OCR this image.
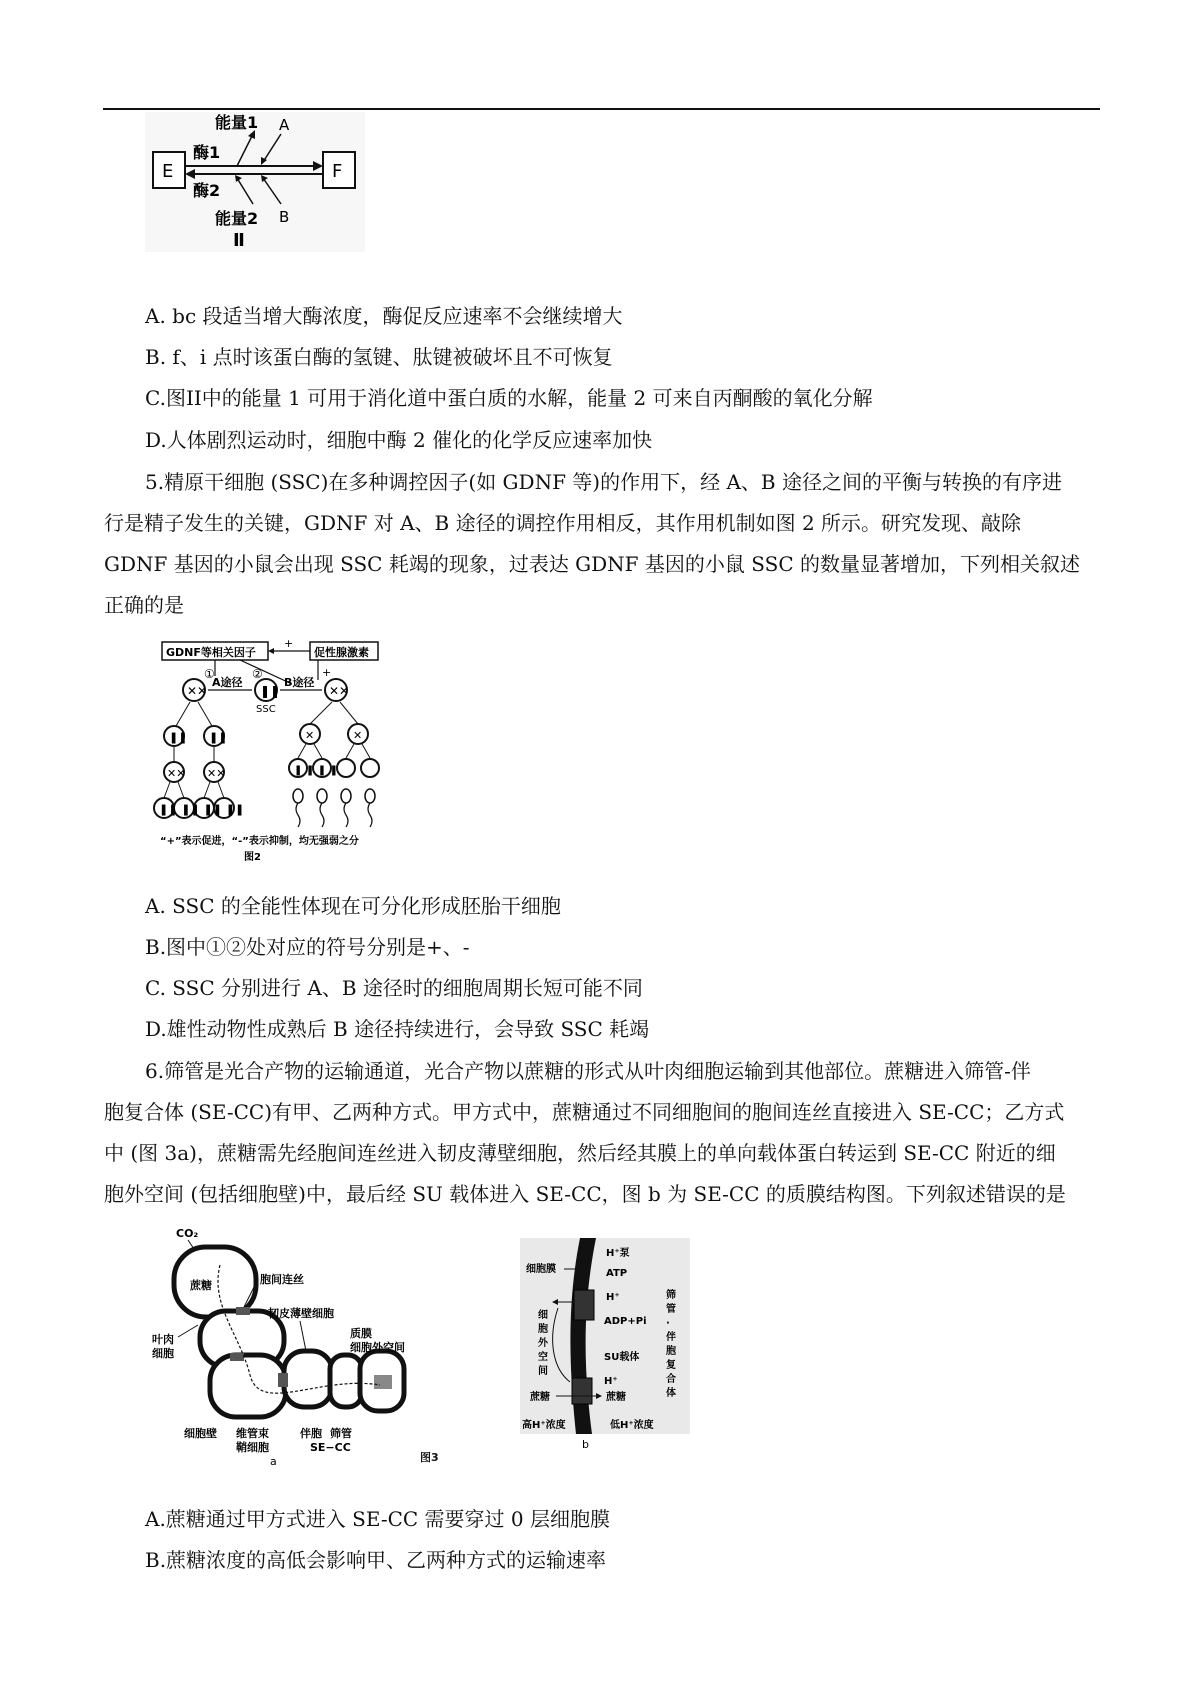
E	F
酶1
酶2
能量1 A
能量2 B
Ⅱ
A. bc 段适当增大酶浓度，酶促反应速率不会继续增大
B. f、i 点时该蛋白酶的氢键、肽键被破坏且不可恢复
C.图II中的能量 1 可用于消化道中蛋白质的水解，能量 2 可来自丙酮酸的氧化分解
D.人体剧烈运动时，细胞中酶 2 催化的化学反应速率加快
5.精原干细胞 (SSC)在多种调控因子(如 GDNF 等)的作用下，经 A、B 途径之间的平衡与转换的有序进
行是精子发生的关键，GDNF 对 A、B 途径的调控作用相反，其作用机制如图 2 所示。研究发现、敲除
GDNF 基因的小鼠会出现 SSC 耗竭的现象，过表达 GDNF 基因的小鼠 SSC 的数量显著增加，下列相关叙述
正确的是
GDNF等相关因子	促性腺激素
+
①	②	+
A途径	B途径
❚❚
SSC
✕✕	✕✕
❚❚ ❚❚
✕✕ ✕✕
❚❚ ❚❚ ❚❚ ❚❚
✕	✕
❚ ❚ ❚ ❚
“+”表示促进，“-”表示抑制，均无强弱之分
图2
A. SSC 的全能性体现在可分化形成胚胎干细胞
B.图中①②处对应的符号分别是+、-
C. SSC 分别进行 A、B 途径时的细胞周期长短可能不同
D.雄性动物性成熟后 B 途径持续进行，会导致 SSC 耗竭
6.筛管是光合产物的运输通道，光合产物以蔗糖的形式从叶肉细胞运输到其他部位。蔗糖进入筛管-伴
胞复合体 (SE-CC)有甲、乙两种方式。甲方式中，蔗糖通过不同细胞间的胞间连丝直接进入 SE-CC；乙方式
中 (图 3a)，蔗糖需先经胞间连丝进入韧皮薄壁细胞，然后经其膜上的单向载体蛋白转运到 SE-CC 附近的细
胞外空间 (包括细胞壁)中，最后经 SU 载体进入 SE-CC，图 b 为 SE-CC 的质膜结构图。下列叙述错误的是
CO₂
蔗糖	胞间连丝
韧皮薄壁细胞
质膜
细胞外空间
叶肉
细胞
细胞壁 维管束
鞘细胞
伴胞 筛管
SE−CC
a	图3
细胞膜
H⁺泵
ATP
H⁺
ADP+Pi
细
胞
外
空
间
SU载体
H⁺
蔗糖	蔗糖
筛
管
·
伴
胞
复
合
体
高H⁺浓度	低H⁺浓度
b
A.蔗糖通过甲方式进入 SE-CC 需要穿过 0 层细胞膜
B.蔗糖浓度的高低会影响甲、乙两种方式的运输速率
